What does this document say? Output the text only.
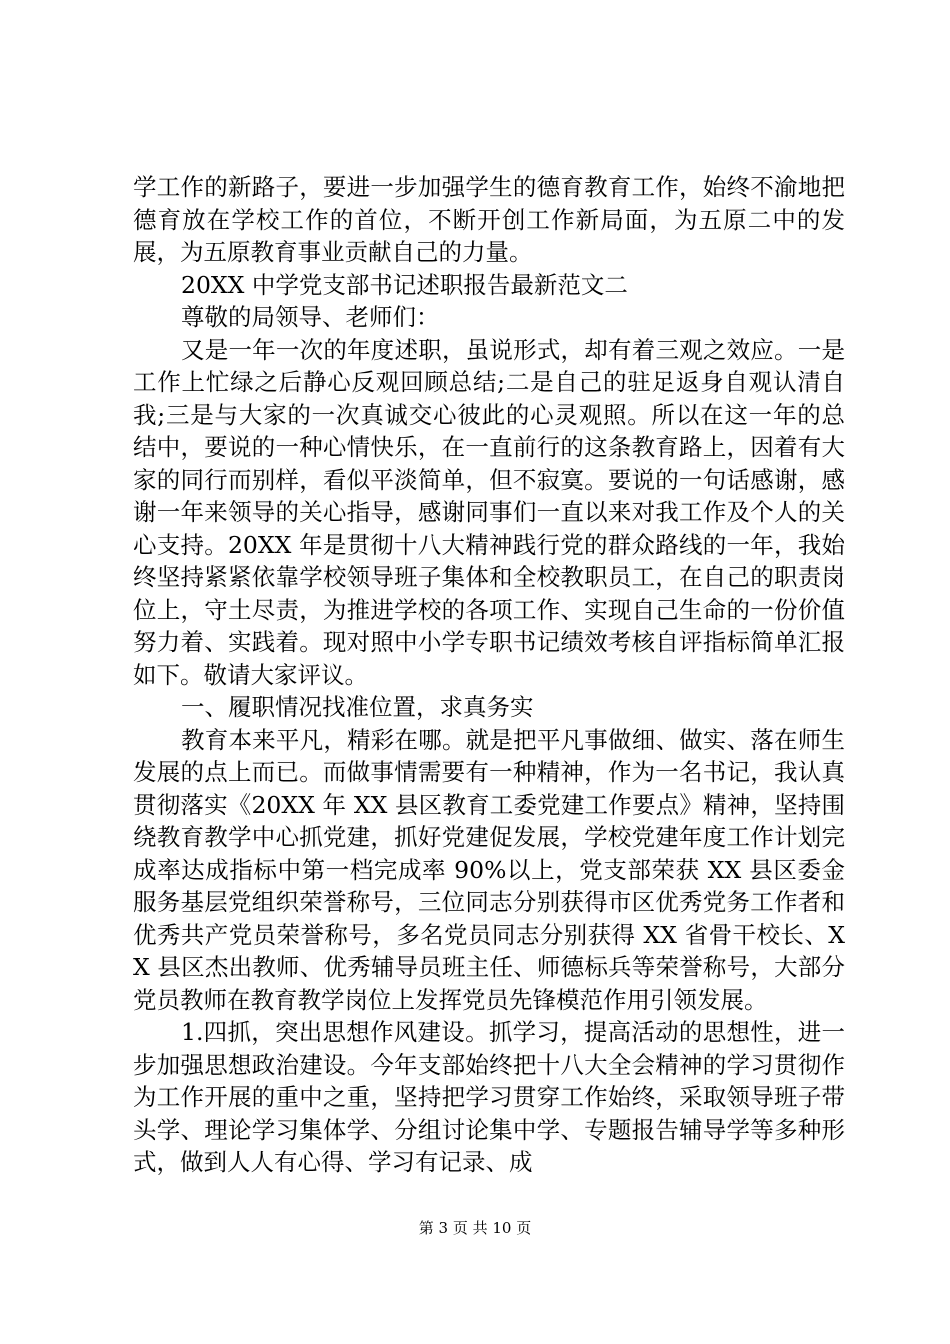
学工作的新路子，要进一步加强学生的德育教育工作，始终不渝地把德育放在学校工作的首位，不断开创工作新局面，为五原二中的发展，为五原教育事业贡献自己的力量。

20XX 中学党支部书记述职报告最新范文二

尊敬的局领导、老师们：

又是一年一次的年度述职，虽说形式，却有着三观之效应。一是工作上忙绿之后静心反观回顾总结;二是自己的驻足返身自观认清自我;三是与大家的一次真诚交心彼此的心灵观照。所以在这一年的总结中，要说的一种心情快乐，在一直前行的这条教育路上，因着有大家的同行而别样，看似平淡简单，但不寂寞。要说的一句话感谢，感谢一年来领导的关心指导，感谢同事们一直以来对我工作及个人的关心支持。20XX 年是贯彻十八大精神践行党的群众路线的一年，我始终坚持紧紧依靠学校领导班子集体和全校教职员工，在自己的职责岗位上，守土尽责，为推进学校的各项工作、实现自己生命的一份价值努力着、实践着。现对照中小学专职书记绩效考核自评指标简单汇报如下。敬请大家评议。

一、履职情况找准位置，求真务实

教育本来平凡，精彩在哪。就是把平凡事做细、做实、落在师生发展的点上而已。而做事情需要有一种精神，作为一名书记，我认真贯彻落实《20XX 年 XX 县区教育工委党建工作要点》精神，坚持围绕教育教学中心抓党建，抓好党建促发展，学校党建年度工作计划完成率达成指标中第一档完成率 90%以上，党支部荣获 XX 县区委金服务基层党组织荣誉称号，三位同志分别获得市区优秀党务工作者和优秀共产党员荣誉称号，多名党员同志分别获得 XX 省骨干校长、XX 县区杰出教师、优秀辅导员班主任、师德标兵等荣誉称号，大部分党员教师在教育教学岗位上发挥党员先锋模范作用引领发展。

1.四抓，突出思想作风建设。抓学习，提高活动的思想性，进一步加强思想政治建设。今年支部始终把十八大全会精神的学习贯彻作为工作开展的重中之重，坚持把学习贯穿工作始终，采取领导班子带头学、理论学习集体学、分组讨论集中学、专题报告辅导学等多种形式，做到人人有心得、学习有记录、成

第 3 页 共 10 页
